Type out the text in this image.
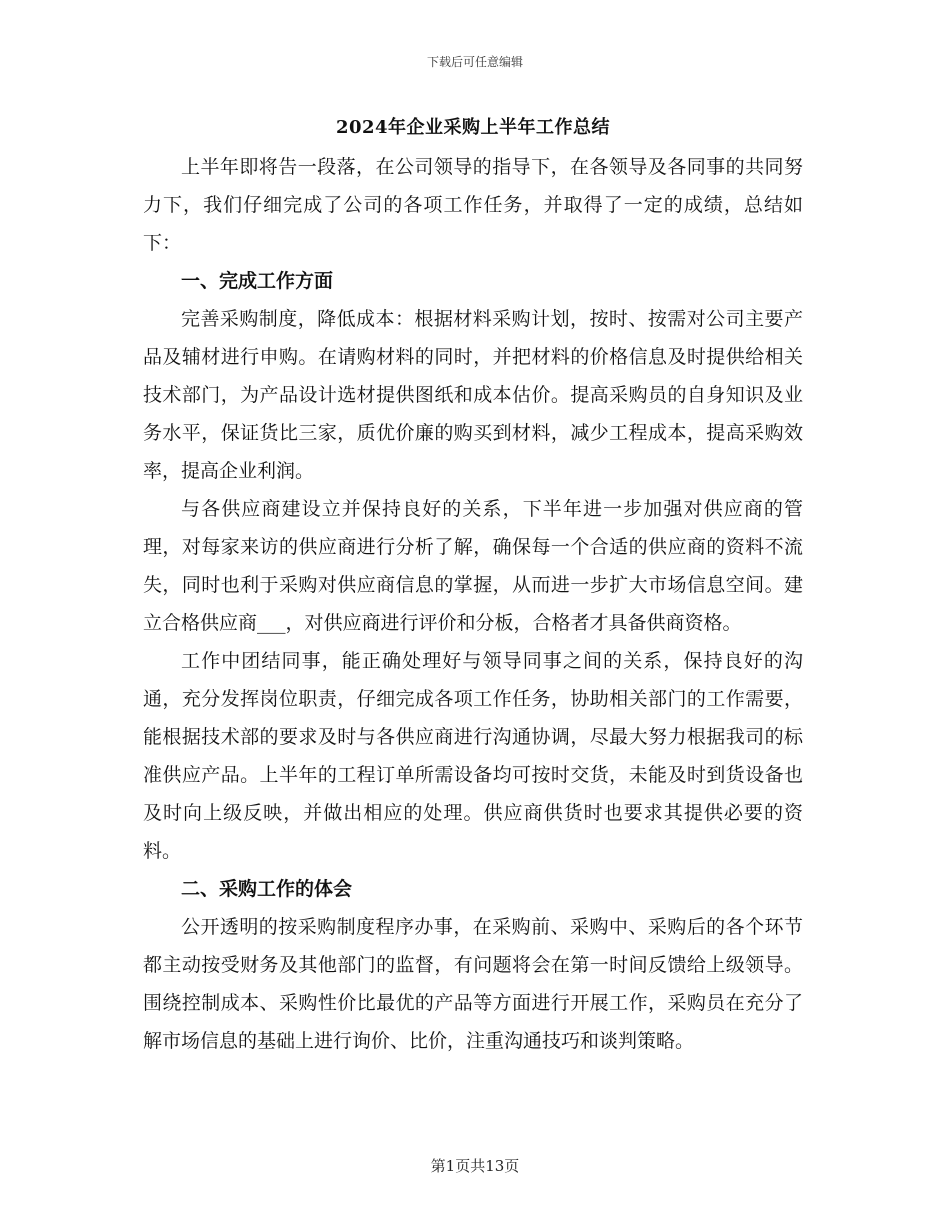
下载后可任意编辑
2024年企业采购上半年工作总结

上半年即将告一段落，在公司领导的指导下，在各领导及各同事的共同努力下，我们仔细完成了公司的各项工作任务，并取得了一定的成绩，总结如下：

一、完成工作方面

完善采购制度，降低成本：根据材料采购计划，按时、按需对公司主要产品及辅材进行申购。在请购材料的同时，并把材料的价格信息及时提供给相关技术部门，为产品设计选材提供图纸和成本估价。提高采购员的自身知识及业务水平，保证货比三家，质优价廉的购买到材料，减少工程成本，提高采购效率，提高企业利润。

与各供应商建设立并保持良好的关系，下半年进一步加强对供应商的管理，对每家来访的供应商进行分析了解，确保每一个合适的供应商的资料不流失，同时也利于采购对供应商信息的掌握，从而进一步扩大市场信息空间。建立合格供应商___，对供应商进行评价和分板，合格者才具备供商资格。

工作中团结同事，能正确处理好与领导同事之间的关系，保持良好的沟通，充分发挥岗位职责，仔细完成各项工作任务，协助相关部门的工作需要，能根据技术部的要求及时与各供应商进行沟通协调，尽最大努力根据我司的标准供应产品。上半年的工程订单所需设备均可按时交货，未能及时到货设备也及时向上级反映，并做出相应的处理。供应商供货时也要求其提供必要的资料。

二、采购工作的体会

公开透明的按采购制度程序办事，在采购前、采购中、采购后的各个环节都主动按受财务及其他部门的监督，有问题将会在第一时间反馈给上级领导。围绕控制成本、采购性价比最优的产品等方面进行开展工作，采购员在充分了解市场信息的基础上进行询价、比价，注重沟通技巧和谈判策略。

第1页共13页
